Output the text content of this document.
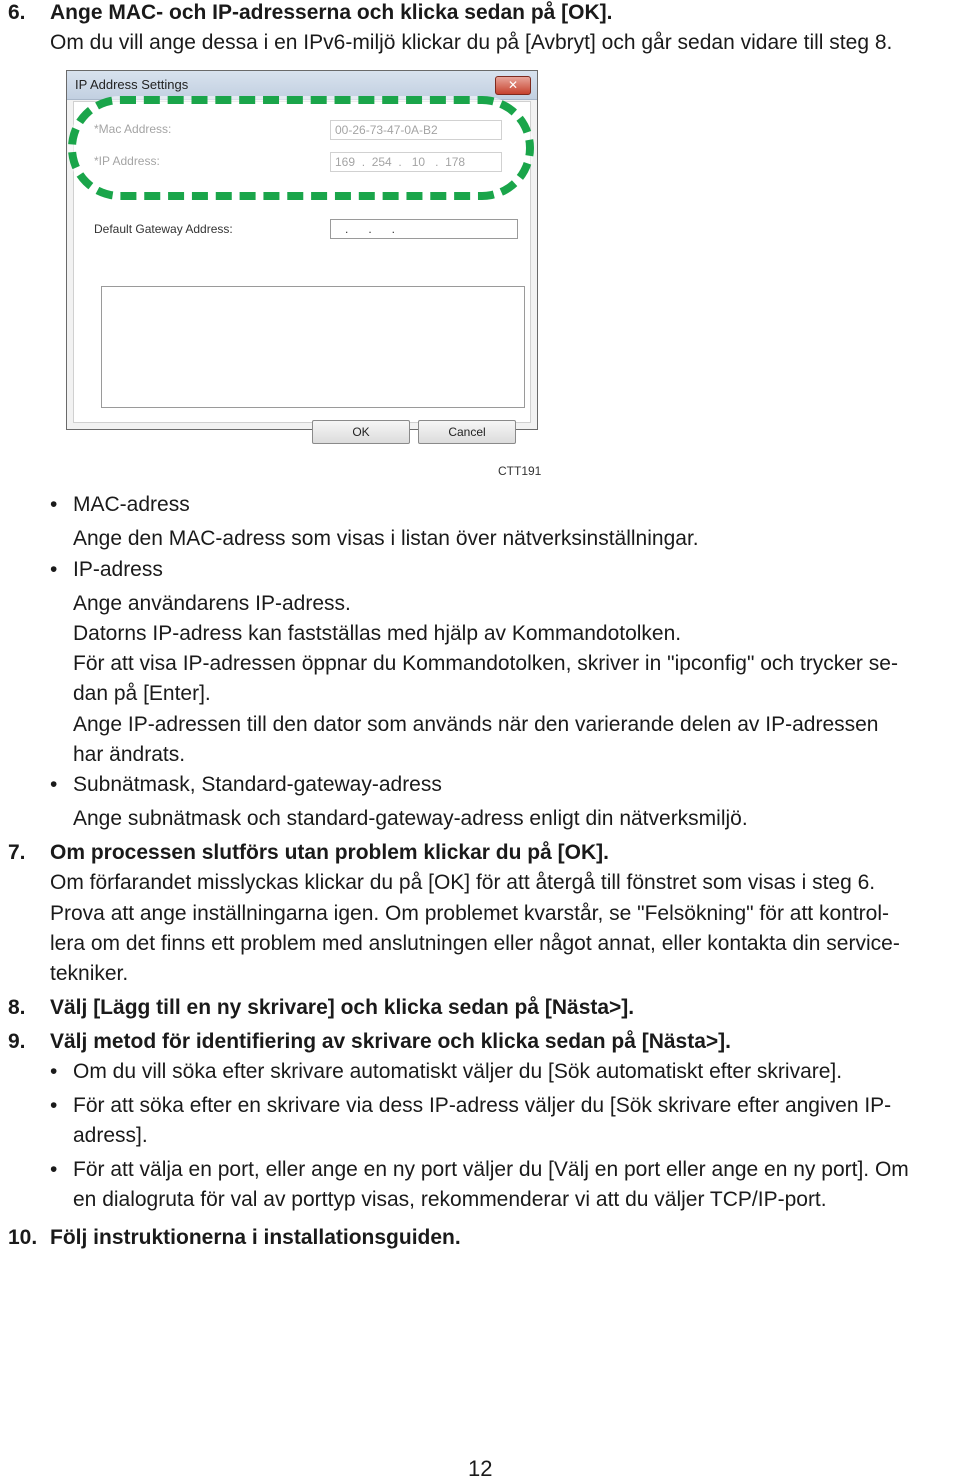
6. Ange MAC- och IP-adresserna och klicka sedan på [OK].
Om du vill ange dessa i en IPv6-miljö klickar du på [Avbryt] och går sedan vidare till steg 8.
IP Address Settings	✕
Default Gateway Address:	.      .      .
OK	Cancel
CTT191
• MAC-adress
Ange den MAC-adress som visas i listan över nätverksinställningar.
• IP-adress
Ange användarens IP-adress.
Datorns IP-adress kan fastställas med hjälp av Kommandotolken.
För att visa IP-adressen öppnar du Kommandotolken, skriver in "ipconfig" och trycker se-
dan på [Enter].
Ange IP-adressen till den dator som används när den varierande delen av IP-adressen
har ändrats.
• Subnätmask, Standard-gateway-adress
Ange subnätmask och standard-gateway-adress enligt din nätverksmiljö.
7. Om processen slutförs utan problem klickar du på [OK].
Om förfarandet misslyckas klickar du på [OK] för att återgå till fönstret som visas i steg 6.
Prova att ange inställningarna igen. Om problemet kvarstår, se "Felsökning" för att kontrol-
lera om det finns ett problem med anslutningen eller något annat, eller kontakta din service-
tekniker.
8. Välj [Lägg till en ny skrivare] och klicka sedan på [Nästa>].
9. Välj metod för identifiering av skrivare och klicka sedan på [Nästa>].
• Om du vill söka efter skrivare automatiskt väljer du [Sök automatiskt efter skrivare].
• För att söka efter en skrivare via dess IP-adress väljer du [Sök skrivare efter angiven IP-
adress].
• För att välja en port, eller ange en ny port väljer du [Välj en port eller ange en ny port]. Om
en dialogruta för val av porttyp visas, rekommenderar vi att du väljer TCP/IP-port.
10. Följ instruktionerna i installationsguiden.
12
